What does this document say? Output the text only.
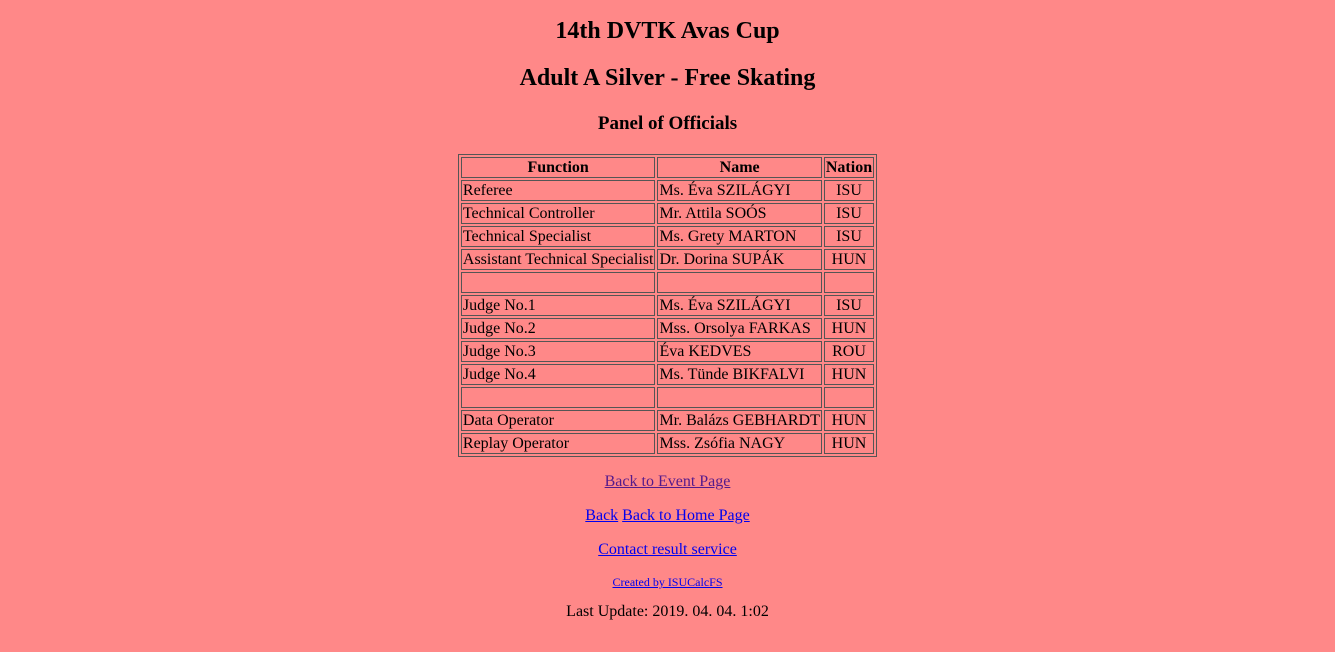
14th DVTK Avas Cup
Adult A Silver - Free Skating
Panel of Officials
Function	Name	Nation
Referee	Ms. Éva SZILÁGYI	ISU
Technical Controller	Mr. Attila SOÓS	ISU
Technical Specialist	Ms. Grety MARTON	ISU
Assistant Technical Specialist	Dr. Dorina SUPÁK	HUN

Judge No.1	Ms. Éva SZILÁGYI	ISU
Judge No.2	Mss. Orsolya FARKAS	HUN
Judge No.3	Éva KEDVES	ROU
Judge No.4	Ms. Tünde BIKFALVI	HUN

Data Operator	Mr. Balázs GEBHARDT	HUN
Replay Operator	Mss. Zsófia NAGY	HUN

Back to Event Page

Back Back to Home Page

Contact result service

Created by ISUCalcFS

Last Update: 2019. 04. 04. 1:02
